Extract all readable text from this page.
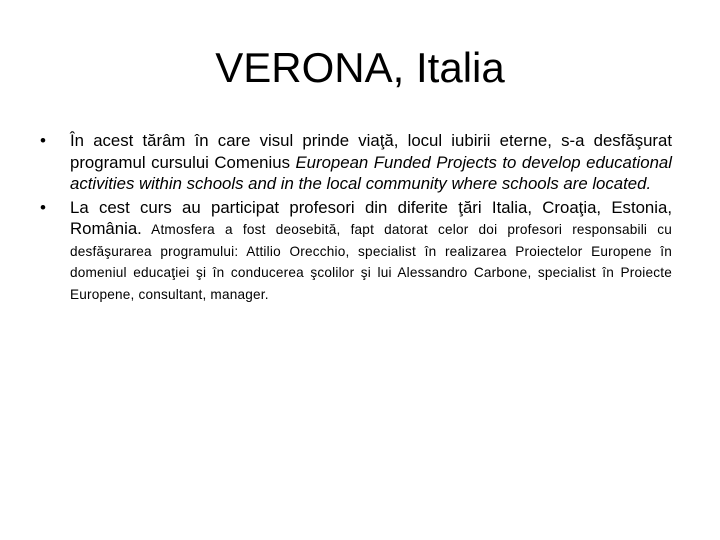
VERONA, Italia
• În acest tărâm în care visul prinde viaţă, locul iubirii eterne, s-a desfăşurat programul cursului Comenius European Funded Projects to develop educational activities within schools and in the local community where schools are located.
• La cest curs au participat profesori din diferite ţări Italia, Croaţia, Estonia, România. Atmosfera a fost deosebită, fapt datorat celor doi profesori responsabili cu desfăşurarea programului: Attilio Orecchio, specialist în realizarea Proiectelor Europene în domeniul educaţiei şi în conducerea şcolilor şi lui Alessandro Carbone, specialist în Proiecte Europene, consultant, manager.
